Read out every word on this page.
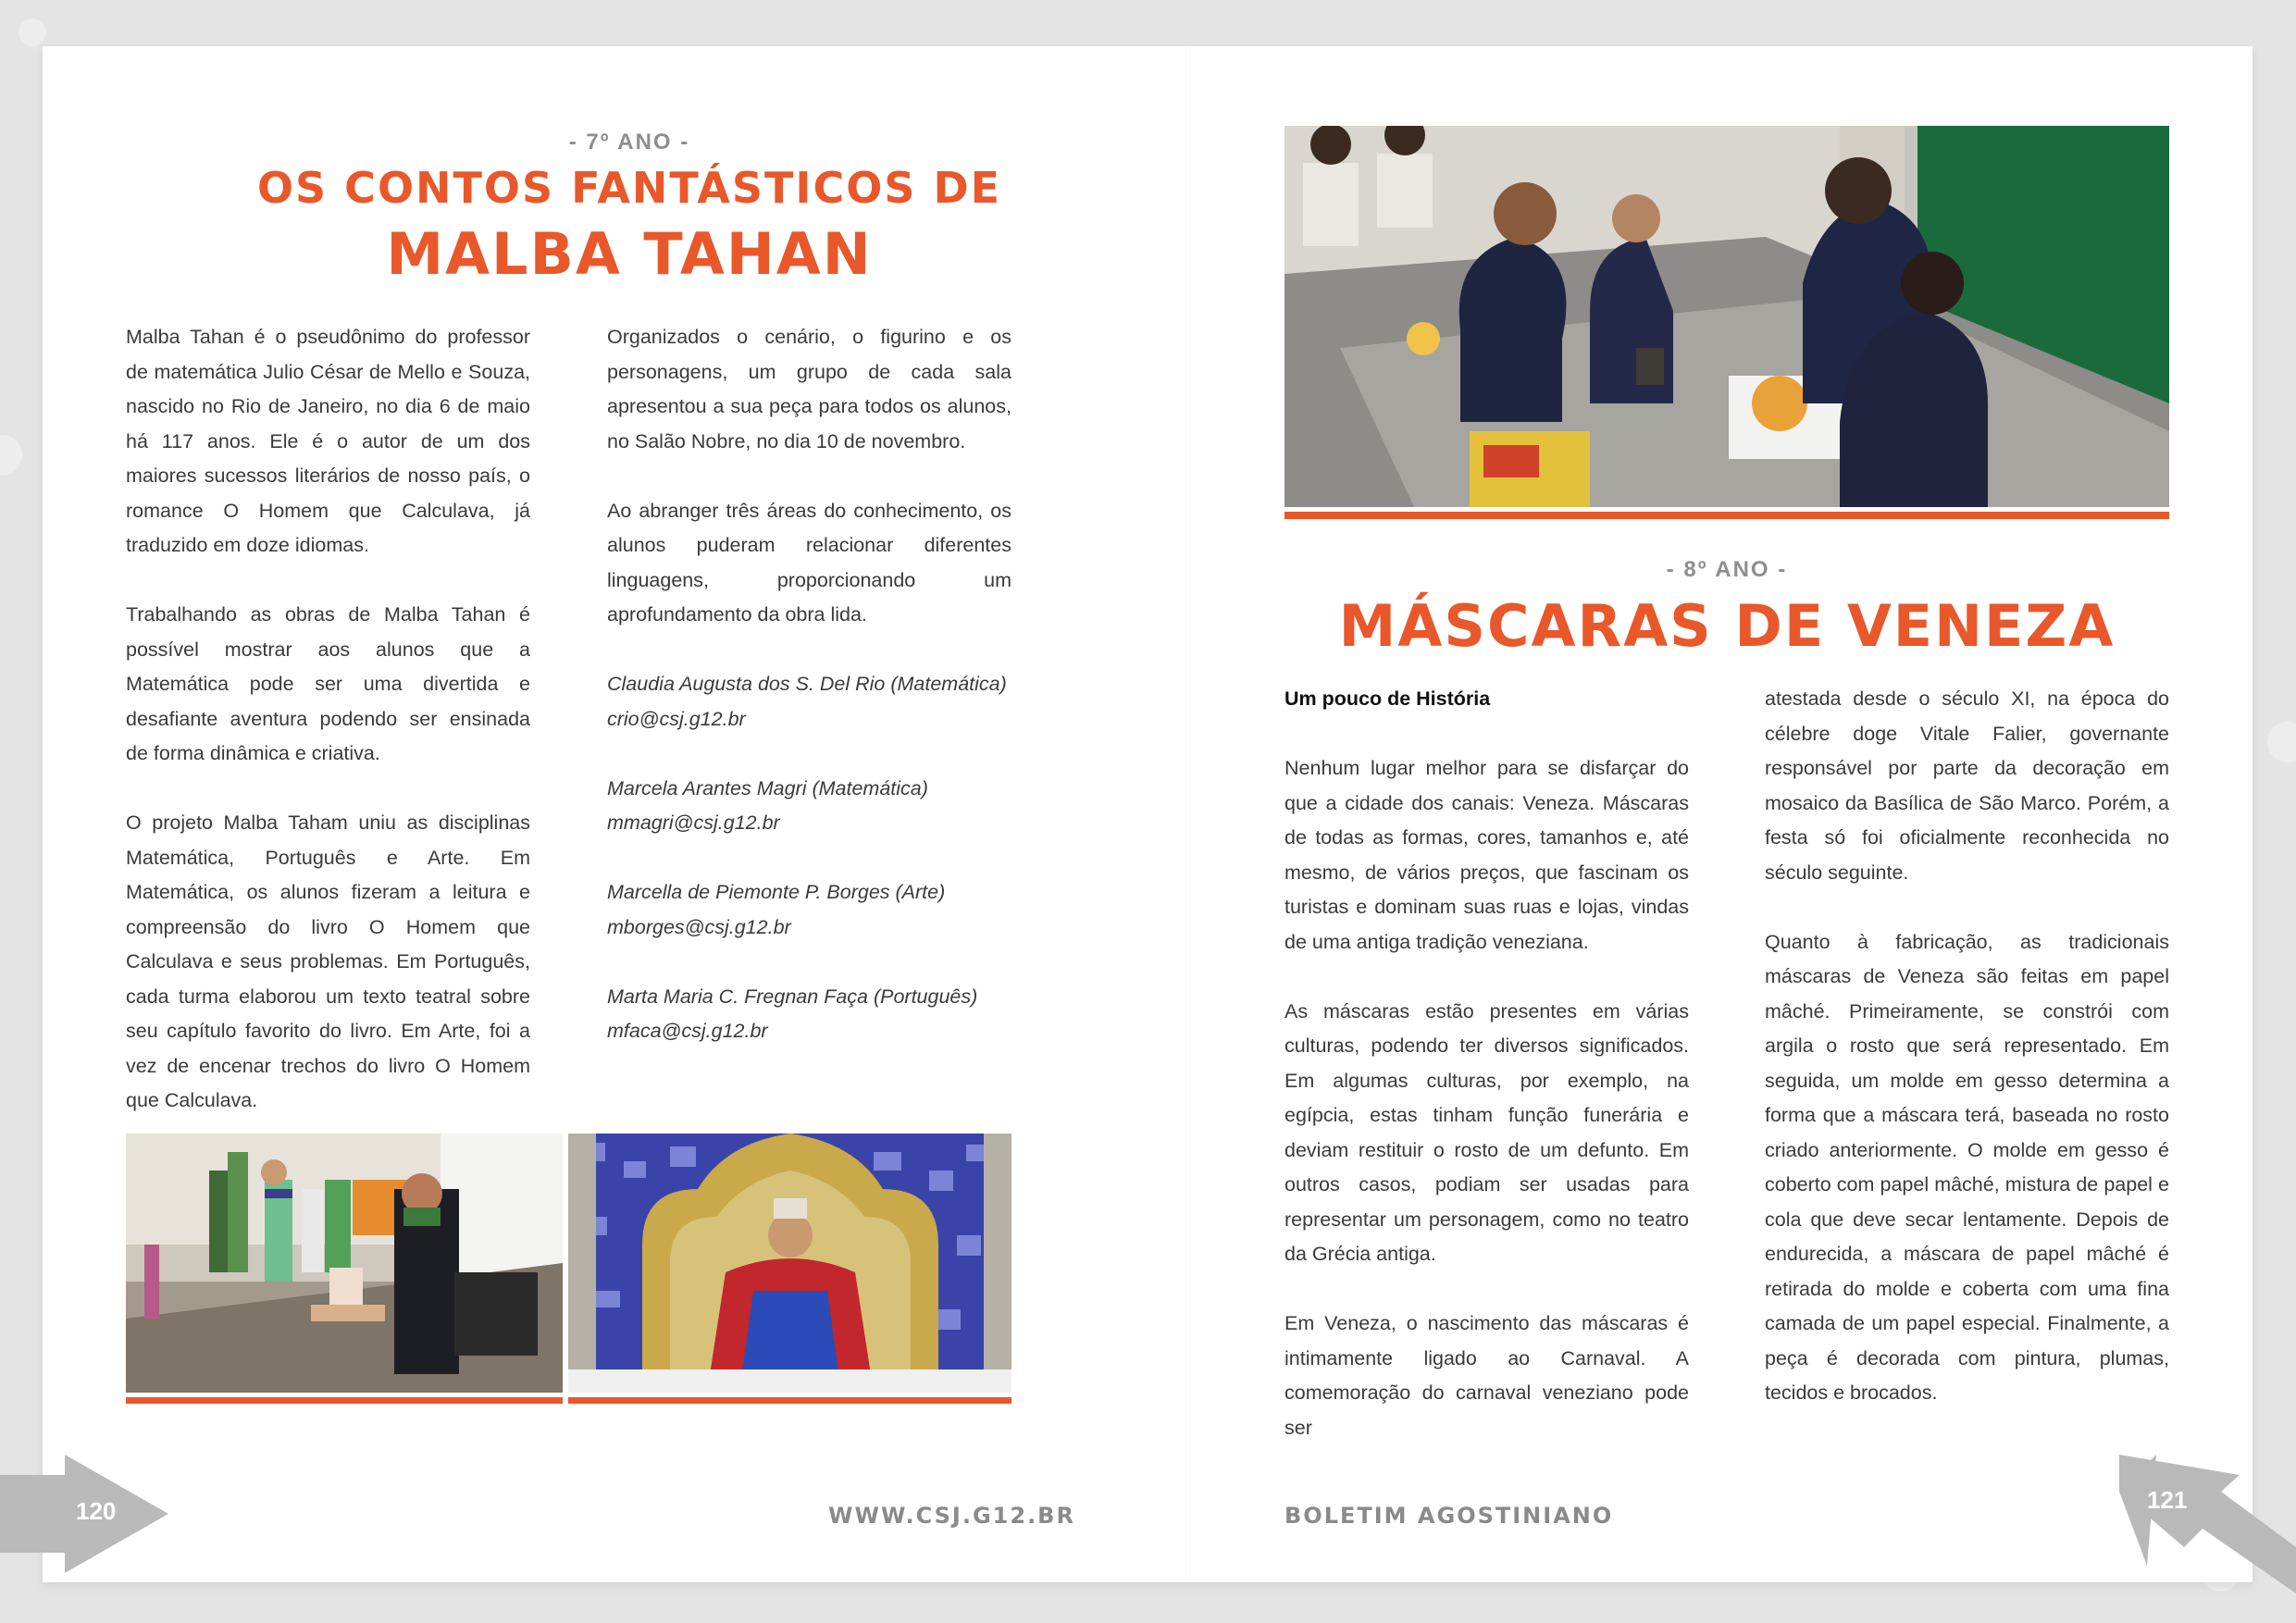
- 7º ANO -
OS CONTOS FANTÁSTICOS DE
MALBA TAHAN

Malba Tahan é o pseudônimo do professor de matemática Julio César de Mello e Souza, nascido no Rio de Janeiro, no dia 6 de maio há 117 anos. Ele é o autor de um dos maiores sucessos literários de nosso país, o romance O Homem que Calculava, já traduzido em doze idiomas.

Trabalhando as obras de Malba Tahan é possível mostrar aos alunos que a Matemática pode ser uma divertida e desafiante aventura podendo ser ensinada de forma dinâmica e criativa.

O projeto Malba Taham uniu as disciplinas Matemática, Português e Arte. Em Matemática, os alunos fizeram a leitura e compreensão do livro O Homem que Calculava e seus problemas. Em Português, cada turma elaborou um texto teatral sobre seu capítulo favorito do livro. Em Arte, foi a vez de encenar trechos do livro O Homem que Calculava.

Organizados o cenário, o figurino e os personagens, um grupo de cada sala apresentou a sua peça para todos os alunos, no Salão Nobre, no dia 10 de novembro.

Ao abranger três áreas do conhecimento, os alunos puderam relacionar diferentes linguagens, proporcionando um aprofundamento da obra lida.

Claudia Augusta dos S. Del Rio (Matemática)
crio@csj.g12.br

Marcela Arantes Magri (Matemática)
mmagri@csj.g12.br

Marcella de Piemonte P. Borges (Arte)
mborges@csj.g12.br

Marta Maria C. Fregnan Faça (Português)
mfaca@csj.g12.br

- 8º ANO -
MÁSCARAS DE VENEZA

Um pouco de História

Nenhum lugar melhor para se disfarçar do que a cidade dos canais: Veneza. Máscaras de todas as formas, cores, tamanhos e, até mesmo, de vários preços, que fascinam os turistas e dominam suas ruas e lojas, vindas de uma antiga tradição veneziana.

As máscaras estão presentes em várias culturas, podendo ter diversos significados. Em algumas culturas, por exemplo, na egípcia, estas tinham função funerária e deviam restituir o rosto de um defunto. Em outros casos, podiam ser usadas para representar um personagem, como no teatro da Grécia antiga.

Em Veneza, o nascimento das máscaras é intimamente ligado ao Carnaval. A comemoração do carnaval veneziano pode ser

atestada desde o século XI, na época do célebre doge Vitale Falier, governante responsável por parte da decoração em mosaico da Basílica de São Marco. Porém, a festa só foi oficialmente reconhecida no século seguinte.

Quanto à fabricação, as tradicionais máscaras de Veneza são feitas em papel mâché. Primeiramente, se constrói com argila o rosto que será representado. Em seguida, um molde em gesso determina a forma que a máscara terá, baseada no rosto criado anteriormente. O molde em gesso é coberto com papel mâché, mistura de papel e cola que deve secar lentamente. Depois de endurecida, a máscara de papel mâché é retirada do molde e coberta com uma fina camada de um papel especial. Finalmente, a peça é decorada com pintura, plumas, tecidos e brocados.

120	WWW.CSJ.G12.BR	BOLETIM AGOSTINIANO
121
